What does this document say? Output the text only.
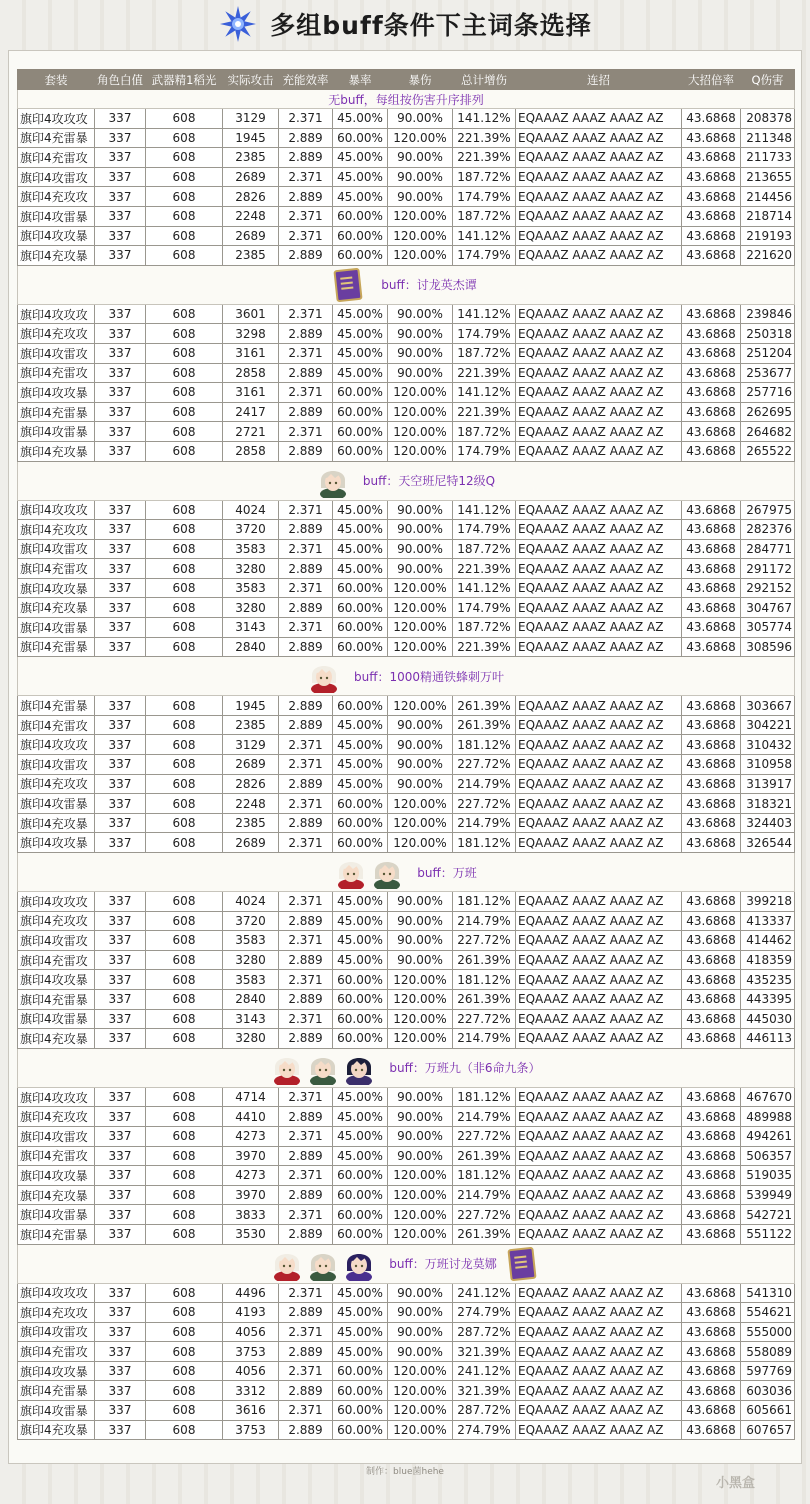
多组buff条件下主词条选择
套装	角色白值	武器精1稻光	实际攻击	充能效率	暴率	暴伤	总计增伤	连招	大招倍率	Q伤害

无buff，每组按伤害升序排列										

旗印4攻攻攻	337	608	3129	2.371	45.00%	90.00%	141.12%	EQAAAZ AAAZ AAAZ AZ	43.6868	208378
旗印4充雷暴	337	608	1945	2.889	60.00%	120.00%	221.39%	EQAAAZ AAAZ AAAZ AZ	43.6868	211348
旗印4充雷攻	337	608	2385	2.889	45.00%	90.00%	221.39%	EQAAAZ AAAZ AAAZ AZ	43.6868	211733
旗印4攻雷攻	337	608	2689	2.371	45.00%	90.00%	187.72%	EQAAAZ AAAZ AAAZ AZ	43.6868	213655
旗印4充攻攻	337	608	2826	2.889	45.00%	90.00%	174.79%	EQAAAZ AAAZ AAAZ AZ	43.6868	214456
旗印4攻雷暴	337	608	2248	2.371	60.00%	120.00%	187.72%	EQAAAZ AAAZ AAAZ AZ	43.6868	218714
旗印4攻攻暴	337	608	2689	2.371	60.00%	120.00%	141.12%	EQAAAZ AAAZ AAAZ AZ	43.6868	219193
旗印4充攻暴	337	608	2385	2.889	60.00%	120.00%	174.79%	EQAAAZ AAAZ AAAZ AZ	43.6868	221620

buff：讨龙英杰谭										

旗印4攻攻攻	337	608	3601	2.371	45.00%	90.00%	141.12%	EQAAAZ AAAZ AAAZ AZ	43.6868	239846
旗印4充攻攻	337	608	3298	2.889	45.00%	90.00%	174.79%	EQAAAZ AAAZ AAAZ AZ	43.6868	250318
旗印4攻雷攻	337	608	3161	2.371	45.00%	90.00%	187.72%	EQAAAZ AAAZ AAAZ AZ	43.6868	251204
旗印4充雷攻	337	608	2858	2.889	45.00%	90.00%	221.39%	EQAAAZ AAAZ AAAZ AZ	43.6868	253677
旗印4攻攻暴	337	608	3161	2.371	60.00%	120.00%	141.12%	EQAAAZ AAAZ AAAZ AZ	43.6868	257716
旗印4充雷暴	337	608	2417	2.889	60.00%	120.00%	221.39%	EQAAAZ AAAZ AAAZ AZ	43.6868	262695
旗印4攻雷暴	337	608	2721	2.371	60.00%	120.00%	187.72%	EQAAAZ AAAZ AAAZ AZ	43.6868	264682
旗印4充攻暴	337	608	2858	2.889	60.00%	120.00%	174.79%	EQAAAZ AAAZ AAAZ AZ	43.6868	265522

buff：天空班尼特12级Q										

旗印4攻攻攻	337	608	4024	2.371	45.00%	90.00%	141.12%	EQAAAZ AAAZ AAAZ AZ	43.6868	267975
旗印4充攻攻	337	608	3720	2.889	45.00%	90.00%	174.79%	EQAAAZ AAAZ AAAZ AZ	43.6868	282376
旗印4攻雷攻	337	608	3583	2.371	45.00%	90.00%	187.72%	EQAAAZ AAAZ AAAZ AZ	43.6868	284771
旗印4充雷攻	337	608	3280	2.889	45.00%	90.00%	221.39%	EQAAAZ AAAZ AAAZ AZ	43.6868	291172
旗印4攻攻暴	337	608	3583	2.371	60.00%	120.00%	141.12%	EQAAAZ AAAZ AAAZ AZ	43.6868	292152
旗印4充攻暴	337	608	3280	2.889	60.00%	120.00%	174.79%	EQAAAZ AAAZ AAAZ AZ	43.6868	304767
旗印4攻雷暴	337	608	3143	2.371	60.00%	120.00%	187.72%	EQAAAZ AAAZ AAAZ AZ	43.6868	305774
旗印4充雷暴	337	608	2840	2.889	60.00%	120.00%	221.39%	EQAAAZ AAAZ AAAZ AZ	43.6868	308596

buff：1000精通铁蜂刺万叶										

旗印4充雷暴	337	608	1945	2.889	60.00%	120.00%	261.39%	EQAAAZ AAAZ AAAZ AZ	43.6868	303667
旗印4充雷攻	337	608	2385	2.889	45.00%	90.00%	261.39%	EQAAAZ AAAZ AAAZ AZ	43.6868	304221
旗印4攻攻攻	337	608	3129	2.371	45.00%	90.00%	181.12%	EQAAAZ AAAZ AAAZ AZ	43.6868	310432
旗印4攻雷攻	337	608	2689	2.371	45.00%	90.00%	227.72%	EQAAAZ AAAZ AAAZ AZ	43.6868	310958
旗印4充攻攻	337	608	2826	2.889	45.00%	90.00%	214.79%	EQAAAZ AAAZ AAAZ AZ	43.6868	313917
旗印4攻雷暴	337	608	2248	2.371	60.00%	120.00%	227.72%	EQAAAZ AAAZ AAAZ AZ	43.6868	318321
旗印4充攻暴	337	608	2385	2.889	60.00%	120.00%	214.79%	EQAAAZ AAAZ AAAZ AZ	43.6868	324403
旗印4攻攻暴	337	608	2689	2.371	60.00%	120.00%	181.12%	EQAAAZ AAAZ AAAZ AZ	43.6868	326544

buff：万班										

旗印4攻攻攻	337	608	4024	2.371	45.00%	90.00%	181.12%	EQAAAZ AAAZ AAAZ AZ	43.6868	399218
旗印4充攻攻	337	608	3720	2.889	45.00%	90.00%	214.79%	EQAAAZ AAAZ AAAZ AZ	43.6868	413337
旗印4攻雷攻	337	608	3583	2.371	45.00%	90.00%	227.72%	EQAAAZ AAAZ AAAZ AZ	43.6868	414462
旗印4充雷攻	337	608	3280	2.889	45.00%	90.00%	261.39%	EQAAAZ AAAZ AAAZ AZ	43.6868	418359
旗印4攻攻暴	337	608	3583	2.371	60.00%	120.00%	181.12%	EQAAAZ AAAZ AAAZ AZ	43.6868	435235
旗印4充雷暴	337	608	2840	2.889	60.00%	120.00%	261.39%	EQAAAZ AAAZ AAAZ AZ	43.6868	443395
旗印4攻雷暴	337	608	3143	2.371	60.00%	120.00%	227.72%	EQAAAZ AAAZ AAAZ AZ	43.6868	445030
旗印4充攻暴	337	608	3280	2.889	60.00%	120.00%	214.79%	EQAAAZ AAAZ AAAZ AZ	43.6868	446113

buff：万班九（非6命九条）										

旗印4攻攻攻	337	608	4714	2.371	45.00%	90.00%	181.12%	EQAAAZ AAAZ AAAZ AZ	43.6868	467670
旗印4充攻攻	337	608	4410	2.889	45.00%	90.00%	214.79%	EQAAAZ AAAZ AAAZ AZ	43.6868	489988
旗印4攻雷攻	337	608	4273	2.371	45.00%	90.00%	227.72%	EQAAAZ AAAZ AAAZ AZ	43.6868	494261
旗印4充雷攻	337	608	3970	2.889	45.00%	90.00%	261.39%	EQAAAZ AAAZ AAAZ AZ	43.6868	506357
旗印4攻攻暴	337	608	4273	2.371	60.00%	120.00%	181.12%	EQAAAZ AAAZ AAAZ AZ	43.6868	519035
旗印4充攻暴	337	608	3970	2.889	60.00%	120.00%	214.79%	EQAAAZ AAAZ AAAZ AZ	43.6868	539949
旗印4攻雷暴	337	608	3833	2.371	60.00%	120.00%	227.72%	EQAAAZ AAAZ AAAZ AZ	43.6868	542721
旗印4充雷暴	337	608	3530	2.889	60.00%	120.00%	261.39%	EQAAAZ AAAZ AAAZ AZ	43.6868	551122

buff：万班讨龙莫娜										

旗印4攻攻攻	337	608	4496	2.371	45.00%	90.00%	241.12%	EQAAAZ AAAZ AAAZ AZ	43.6868	541310
旗印4充攻攻	337	608	4193	2.889	45.00%	90.00%	274.79%	EQAAAZ AAAZ AAAZ AZ	43.6868	554621
旗印4攻雷攻	337	608	4056	2.371	45.00%	90.00%	287.72%	EQAAAZ AAAZ AAAZ AZ	43.6868	555000
旗印4充雷攻	337	608	3753	2.889	45.00%	90.00%	321.39%	EQAAAZ AAAZ AAAZ AZ	43.6868	558089
旗印4攻攻暴	337	608	4056	2.371	60.00%	120.00%	241.12%	EQAAAZ AAAZ AAAZ AZ	43.6868	597769
旗印4充雷暴	337	608	3312	2.889	60.00%	120.00%	321.39%	EQAAAZ AAAZ AAAZ AZ	43.6868	603036
旗印4攻雷暴	337	608	3616	2.371	60.00%	120.00%	287.72%	EQAAAZ AAAZ AAAZ AZ	43.6868	605661
旗印4充攻暴	337	608	3753	2.889	60.00%	120.00%	274.79%	EQAAAZ AAAZ AAAZ AZ	43.6868	607657
制作：blue菌hehe
小黑盒
